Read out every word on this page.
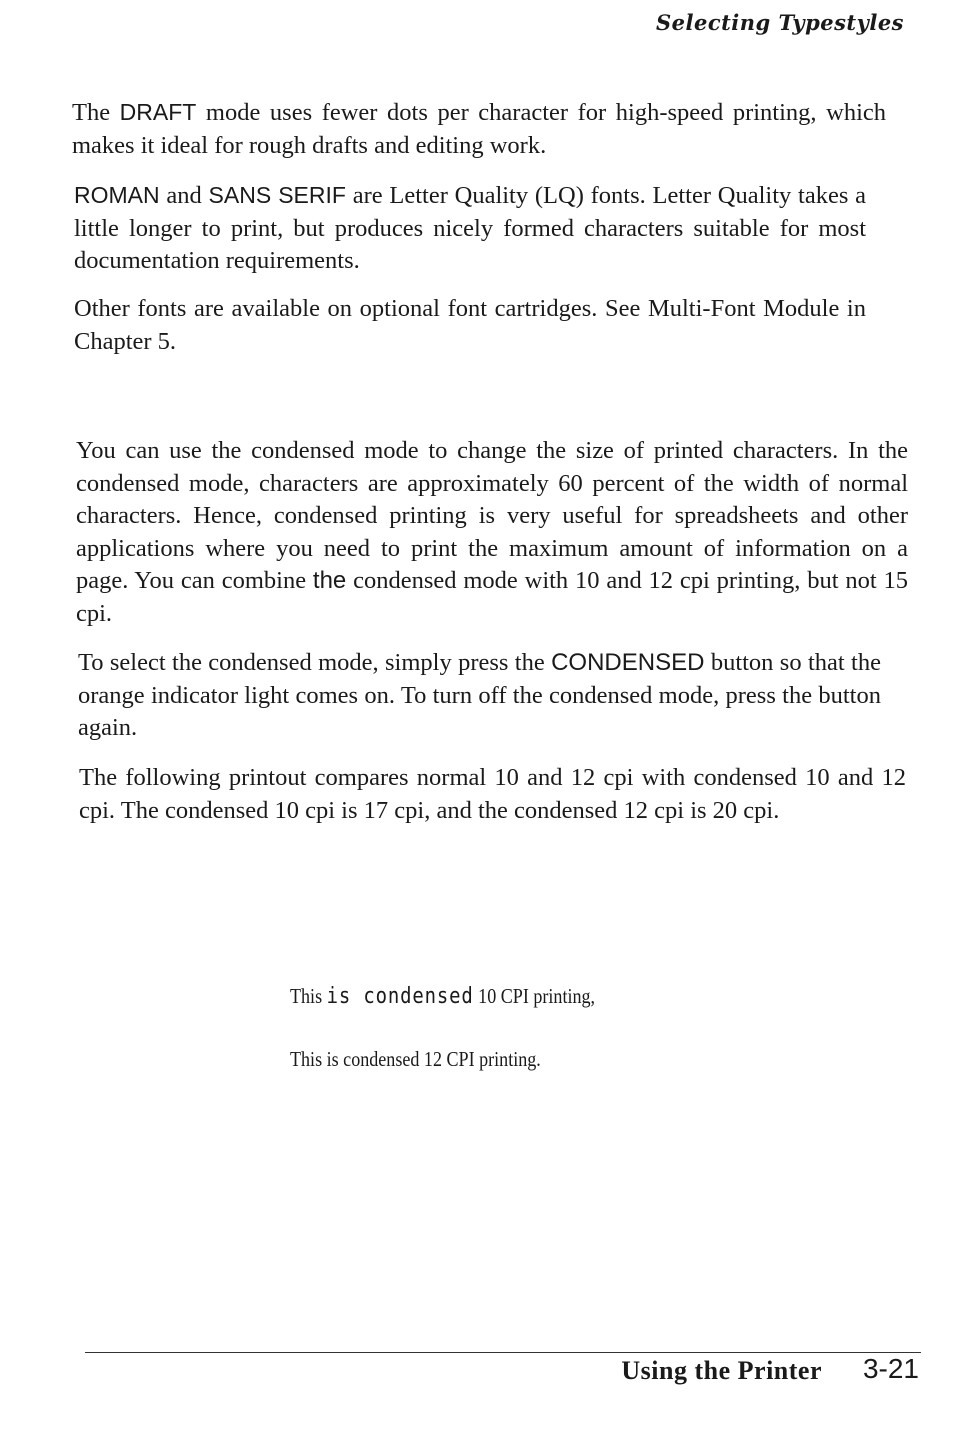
Selecting Typestyles

The DRAFT mode uses fewer dots per character for high-speed printing, which makes it ideal for rough drafts and editing work.

ROMAN and SANS SERIF are Letter Quality (LQ) fonts. Letter Quality takes a little longer to print, but produces nicely formed characters suitable for most documentation requirements.

Other fonts are available on optional font cartridges. See Multi-Font Module in Chapter 5.

You can use the condensed mode to change the size of printed characters. In the condensed mode, characters are approximately 60 percent of the width of normal characters. Hence, condensed printing is very useful for spreadsheets and other applications where you need to print the maximum amount of information on a page. You can combine the condensed mode with 10 and 12 cpi printing, but not 15 cpi.

To select the condensed mode, simply press the CONDENSED button so that the orange indicator light comes on. To turn off the condensed mode, press the button again.

The following printout compares normal 10 and 12 cpi with condensed 10 and 12 cpi. The condensed 10 cpi is 17 cpi, and the condensed 12 cpi is 20 cpi.

This is condensed 10 CPI printing,
This is condensed 12 CPI printing.
Using the Printer 3-21
